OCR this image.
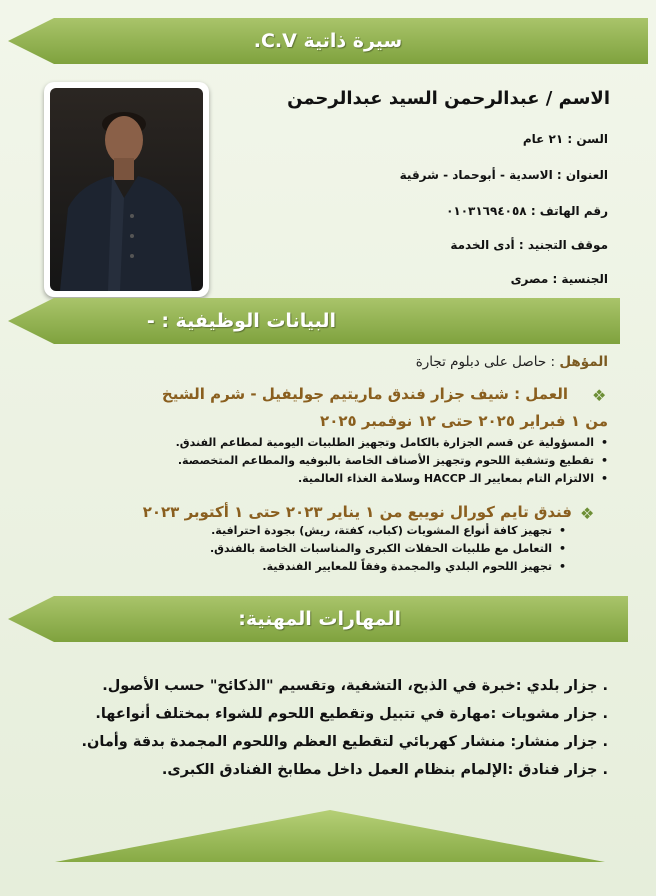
سيرة ذاتية C.V.
الاسم / عبدالرحمن السيد عبدالرحمن
السن : ٢١ عام
العنوان : الاسدية - أبوحماد - شرقية
رقم الهاتف : ٠١٠٣١٦٩٤٠٥٨
موقف التجنيد : أدى الخدمة
الجنسية : مصرى
البيانات الوظيفية : -
المؤهل : حاصل على دبلوم تجارة
❖
العمل : شيف جزار فندق ماريتيم جوليفيل - شرم الشيخ
من ١ فبراير ٢٠٢٥ حتى ١٢ نوفمبر ٢٠٢٥
• المسؤولية عن قسم الجزارة بالكامل وتجهيز الطلبيات اليومية لمطاعم الفندق.
• تقطيع وتشفية اللحوم وتجهيز الأصناف الخاصة بالبوفيه والمطاعم المتخصصة.
• الالتزام التام بمعايير الـ HACCP وسلامة الغذاء العالمية.
❖
فندق تايم كورال نويبع من ١ يناير ٢٠٢٣ حتى ١ أكتوبر ٢٠٢٣
• تجهيز كافة أنواع المشويات (كباب، كفتة، ريش) بجودة احترافية.
• التعامل مع طلبيات الحفلات الكبرى والمناسبات الخاصة بالفندق.
• تجهيز اللحوم البلدي والمجمدة وفقاً للمعايير الفندقية.
المهارات المهنية:
. جزار بلدي :خبرة في الذبح، التشفية، وتقسيم "الذكائح" حسب الأصول.
. جزار مشويات :مهارة في تتبيل وتقطيع اللحوم للشواء بمختلف أنواعها.
. جزار منشار: منشار كهربائي لتقطيع العظم واللحوم المجمدة بدقة وأمان.
. جزار فنادق :الإلمام بنظام العمل داخل مطابخ الفنادق الكبرى.
